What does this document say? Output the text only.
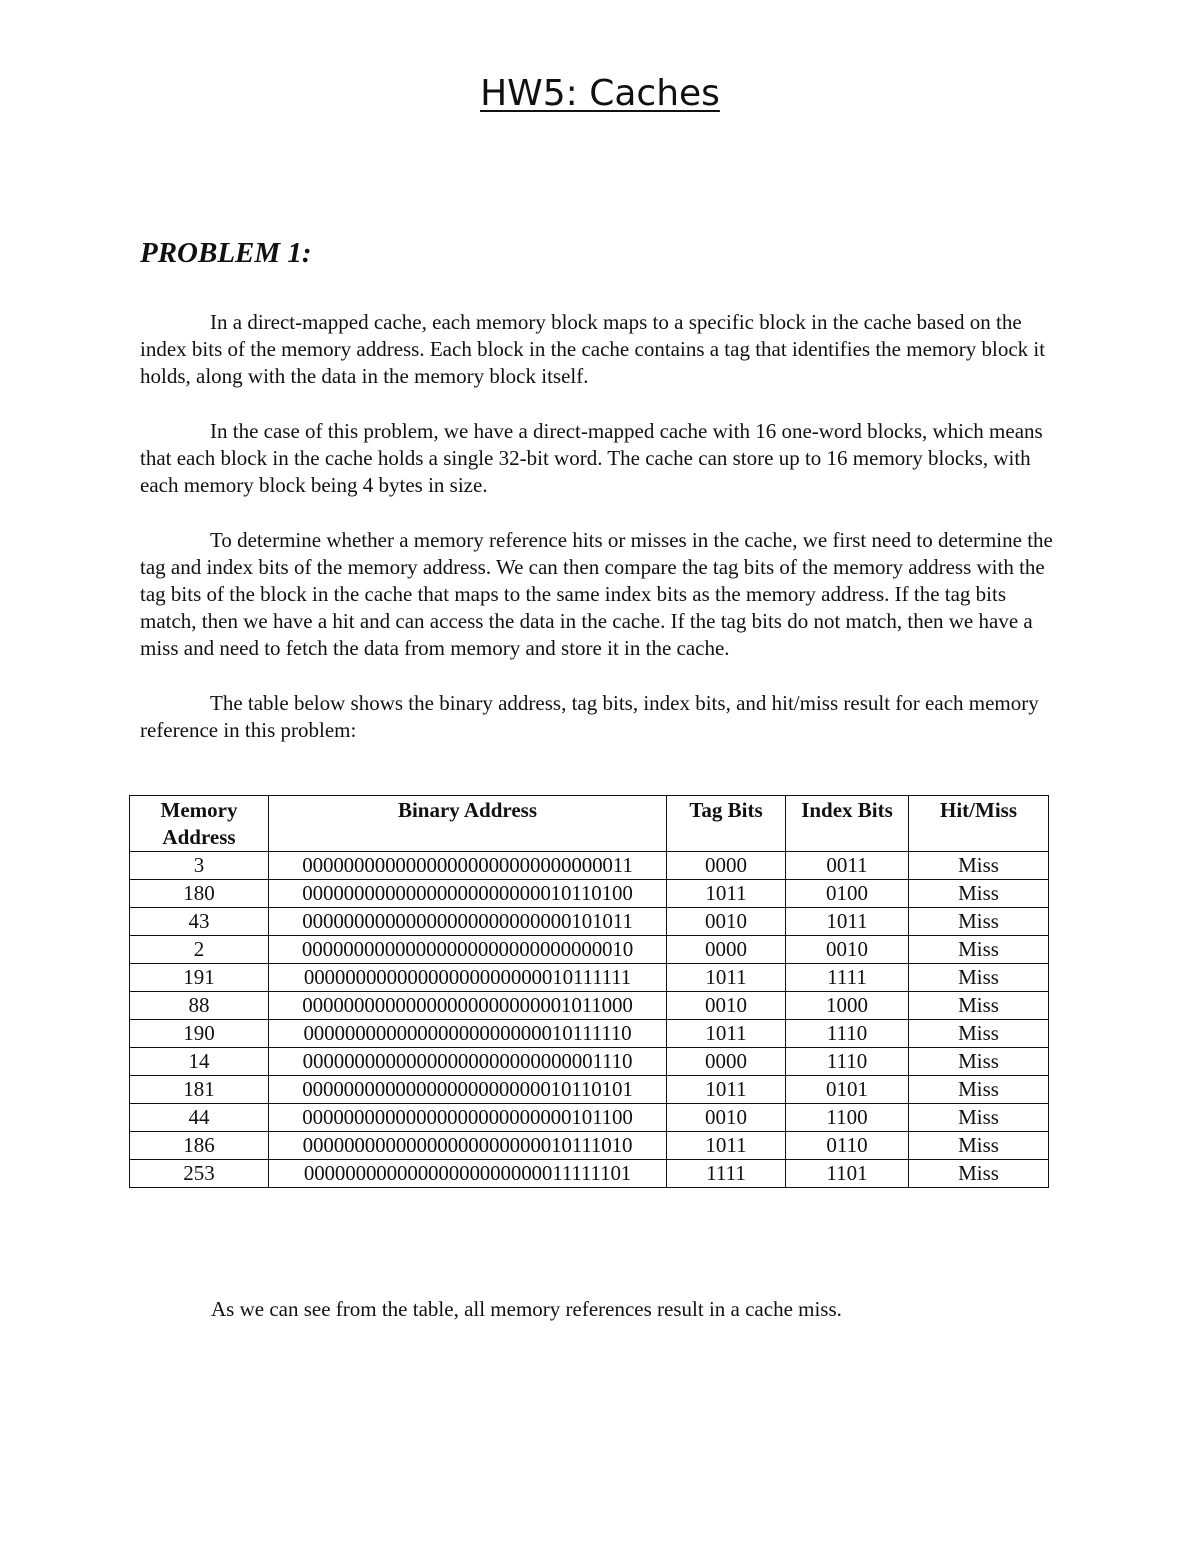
HW5: Caches
PROBLEM 1:

In a direct-mapped cache, each memory block maps to a specific block in the cache based on the index bits of the memory address. Each block in the cache contains a tag that identifies the memory block it holds, along with the data in the memory block itself.

In the case of this problem, we have a direct-mapped cache with 16 one-word blocks, which means that each block in the cache holds a single 32-bit word. The cache can store up to 16 memory blocks, with each memory block being 4 bytes in size.

To determine whether a memory reference hits or misses in the cache, we first need to determine the tag and index bits of the memory address. We can then compare the tag bits of the memory address with the tag bits of the block in the cache that maps to the same index bits as the memory address. If the tag bits match, then we have a hit and can access the data in the cache. If the tag bits do not match, then we have a miss and need to fetch the data from memory and store it in the cache.

The table below shows the binary address, tag bits, index bits, and hit/miss result for each memory reference in this problem:

Memory Address	Binary Address	Tag Bits	Index Bits	Hit/Miss
3	00000000000000000000000000000011	0000	0011	Miss
180	00000000000000000000000010110100	1011	0100	Miss
43	00000000000000000000000000101011	0010	1011	Miss
2	00000000000000000000000000000010	0000	0010	Miss
191	00000000000000000000000010111111	1011	1111	Miss
88	00000000000000000000000001011000	0010	1000	Miss
190	00000000000000000000000010111110	1011	1110	Miss
14	00000000000000000000000000001110	0000	1110	Miss
181	00000000000000000000000010110101	1011	0101	Miss
44	00000000000000000000000000101100	0010	1100	Miss
186	00000000000000000000000010111010	1011	0110	Miss
253	00000000000000000000000011111101	1111	1101	Miss
As we can see from the table, all memory references result in a cache miss.
